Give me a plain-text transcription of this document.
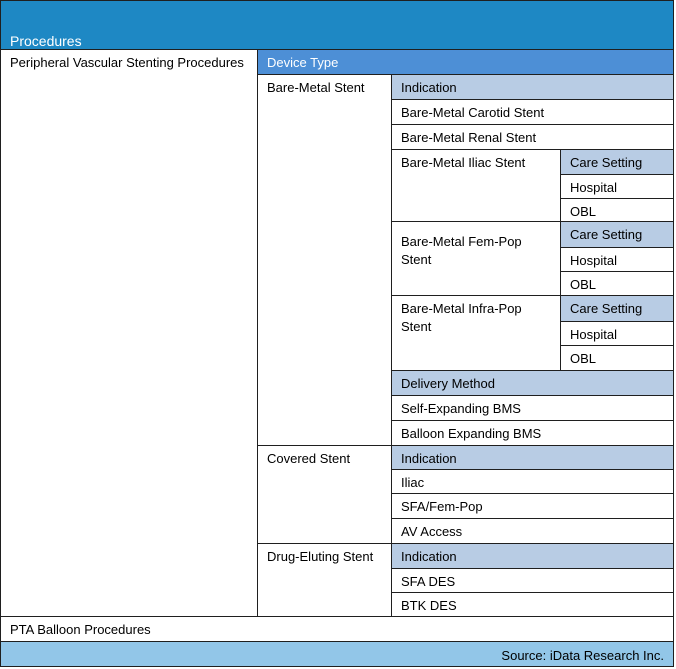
Procedures
Peripheral Vascular Stenting Procedures	Device Type
Bare-Metal Stent
Covered Stent
Drug-Eluting Stent
Indication
Bare-Metal Carotid Stent
Bare-Metal Renal Stent
Bare-Metal Iliac Stent	Care Setting
Hospital
OBL
Bare-Metal Fem-Pop Stent
Care Setting
Hospital
OBL
Bare-Metal Infra-Pop Stent
Care Setting
Hospital
OBL
Delivery Method
Self-Expanding BMS
Balloon Expanding BMS
Indication
Iliac
SFA/Fem-Pop
AV Access
Indication
SFA DES
BTK DES
PTA Balloon Procedures
Source: iData Research Inc.
